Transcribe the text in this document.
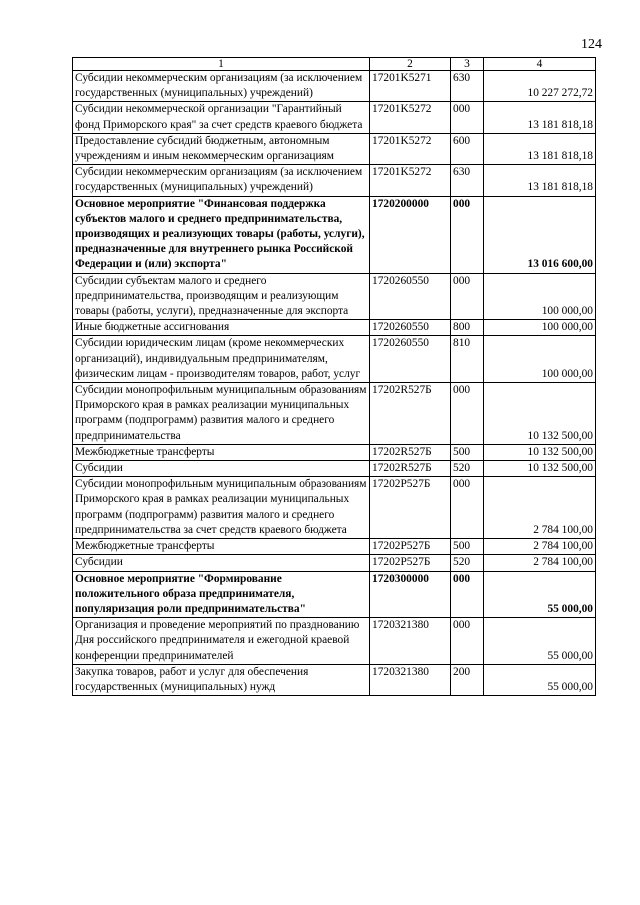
124
1	2	3	4
Субсидии некоммерческим организациям (за исключением государственных (муниципальных) учреждений)	17201K5271	630	10 227 272,72
Субсидии некоммерческой организации "Гарантийный фонд Приморского края" за счет средств краевого бюджета	17201K5272	000	13 181 818,18
Предоставление субсидий бюджетным, автономным учреждениям и иным некоммерческим организациям	17201K5272	600	13 181 818,18
Субсидии некоммерческим организациям (за исключением государственных (муниципальных) учреждений)	17201K5272	630	13 181 818,18
Основное мероприятие "Финансовая поддержка субъектов малого и среднего предпринимательства, производящих и реализующих товары (работы, услуги), предназначенные для внутреннего рынка Российской Федерации и (или) экспорта"	1720200000	000	13 016 600,00
Субсидии субъектам малого и среднего предпринимательства, производящим и реализующим товары (работы, услуги), предназначенные для экспорта	1720260550	000	100 000,00
Иные бюджетные ассигнования	1720260550	800	100 000,00
Субсидии юридическим лицам (кроме некоммерческих организаций), индивидуальным предпринимателям, физическим лицам - производителям товаров, работ, услуг	1720260550	810	100 000,00
Субсидии монопрофильным муниципальным образованиям Приморского края в рамках реализации муниципальных программ (подпрограмм) развития малого и среднего предпринимательства	17202R527Б	000	10 132 500,00
Межбюджетные трансферты	17202R527Б	500	10 132 500,00
Субсидии	17202R527Б	520	10 132 500,00
Субсидии монопрофильным муниципальным образованиям Приморского края в рамках реализации муниципальных программ (подпрограмм) развития малого и среднего предпринимательства за счет средств краевого бюджета	17202P527Б	000	2 784 100,00
Межбюджетные трансферты	17202P527Б	500	2 784 100,00
Субсидии	17202P527Б	520	2 784 100,00
Основное мероприятие "Формирование положительного образа предпринимателя, популяризация роли предпринимательства"	1720300000	000	55 000,00
Организация и проведение мероприятий по празднованию Дня российского предпринимателя и ежегодной краевой конференции предпринимателей	1720321380	000	55 000,00
Закупка товаров, работ и услуг для обеспечения государственных (муниципальных) нужд	1720321380	200	55 000,00
